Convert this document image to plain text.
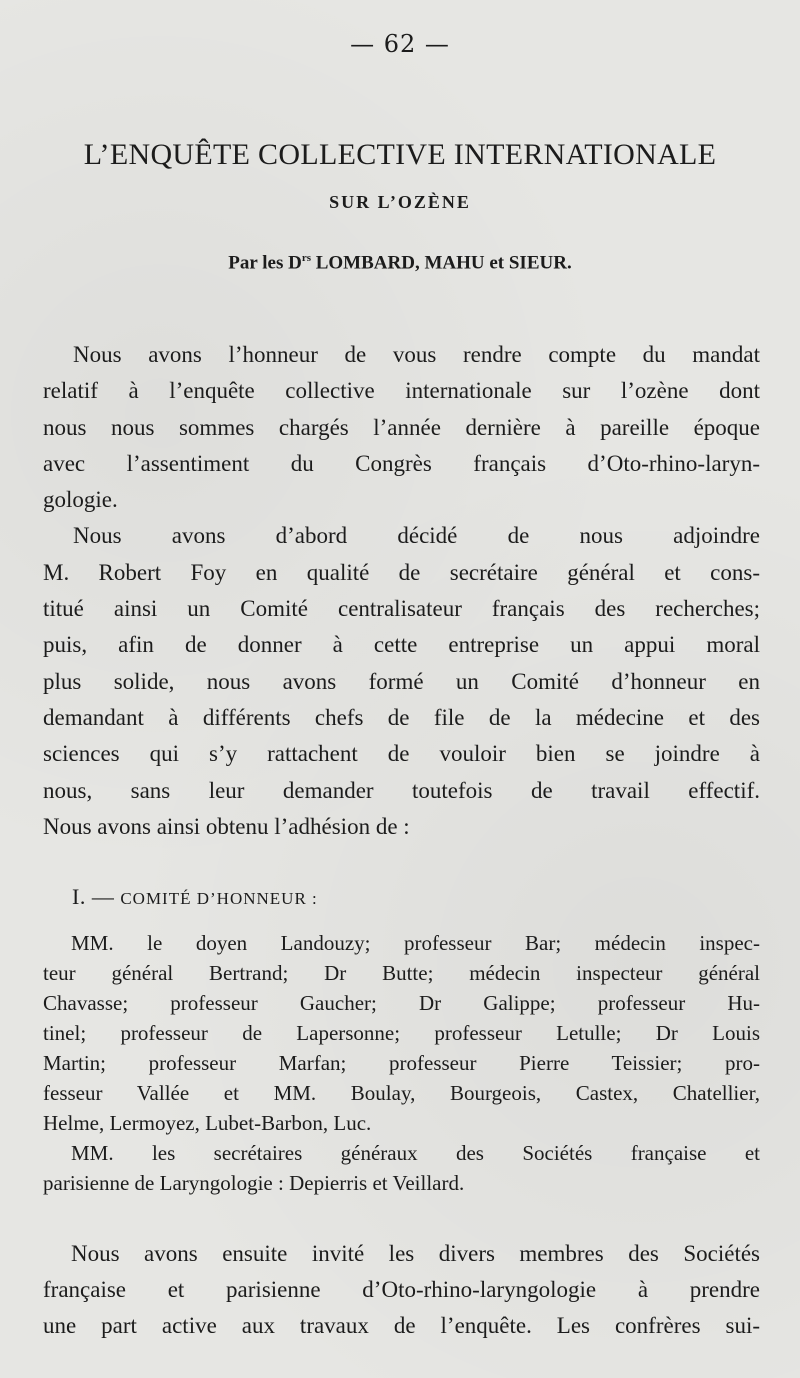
— 62 —
L’ENQUÊTE COLLECTIVE INTERNATIONALE
SUR L’OZÈNE
Par les $D^{rs}$ LOMBARD, MAHU et SIEUR.
Nous avons l’honneur de vous rendre compte du mandat
relatif à l’enquête collective internationale sur l’ozène dont
nous nous sommes chargés l’année dernière à pareille époque
avec l’assentiment du Congrès français d’Oto-rhino-laryn-
gologie.
Nous avons d’abord décidé de nous adjoindre
M. Robert Foy en qualité de secrétaire général et cons-
titué ainsi un Comité centralisateur français des recherches;
puis, afin de donner à cette entreprise un appui moral
plus solide, nous avons formé un Comité d’honneur en
demandant à différents chefs de file de la médecine et des
sciences qui s’y rattachent de vouloir bien se joindre à
nous, sans leur demander toutefois de travail effectif.
Nous avons ainsi obtenu l’adhésion de :
I. — COMITÉ D’HONNEUR :
MM. le doyen Landouzy; professeur Bar; médecin inspec-
teur général Bertrand; Dr Butte; médecin inspecteur général
Chavasse; professeur Gaucher; Dr Galippe; professeur Hu-
tinel; professeur de Lapersonne; professeur Letulle; Dr Louis
Martin; professeur Marfan; professeur Pierre Teissier; pro-
fesseur Vallée et MM. Boulay, Bourgeois, Castex, Chatellier,
Helme, Lermoyez, Lubet-Barbon, Luc.
MM. les secrétaires généraux des Sociétés française et
parisienne de Laryngologie : Depierris et Veillard.
Nous avons ensuite invité les divers membres des Sociétés
française et parisienne d’Oto-rhino-laryngologie à prendre
une part active aux travaux de l’enquête. Les confrères sui-
